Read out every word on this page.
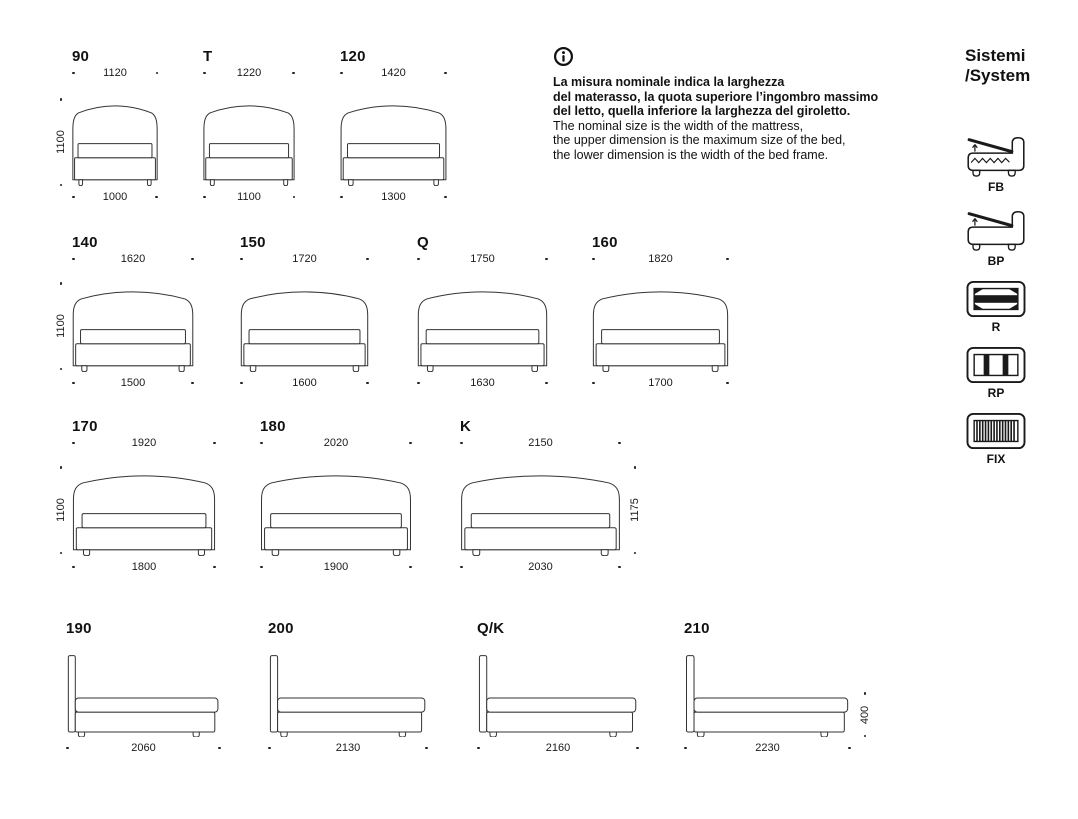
90
1120
1000
T
1220
1100
120
1420
1300
1100
140
1620
1500
150
1720
1600
Q
1750
1630
160
1820
1700
1100
170
1920
1800
180
2020
1900
K
2150
2030
1100	1175
190
2060
200
2130
Q/K
2160
210
2230
400
La misura nominale indica la larghezza
del materasso, la quota superiore l’ingombro massimo
del letto, quella inferiore la larghezza del giroletto.
The nominal size is the width of the mattress,
the upper dimension is the maximum size of the bed,
the lower dimension is the width of the bed frame.
Sistemi
/System
FB
BP
R
RP
FIX
